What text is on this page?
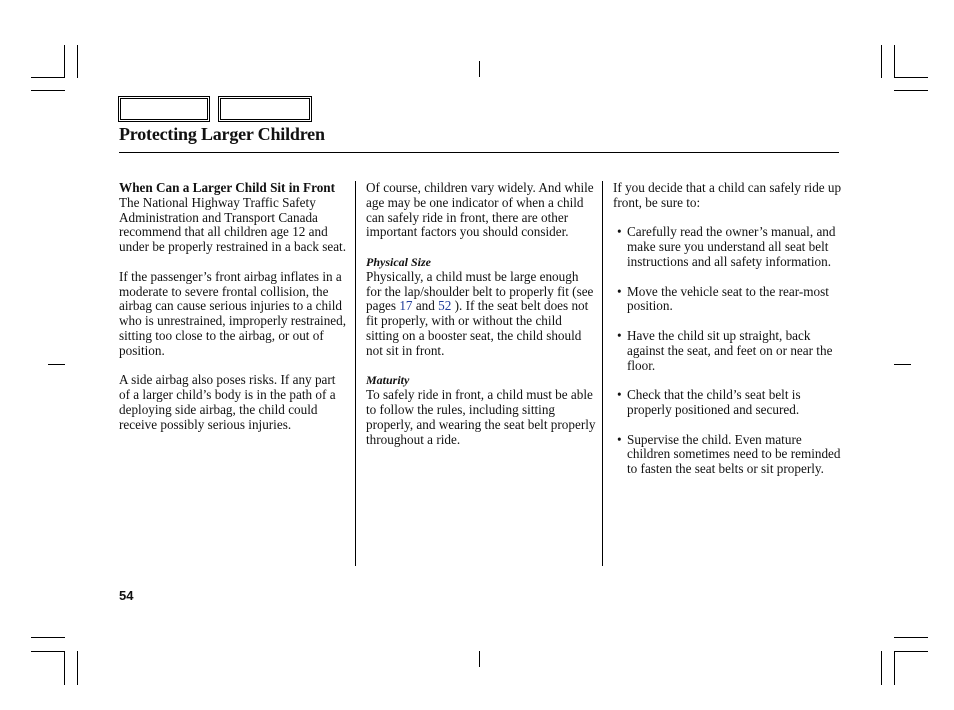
Protecting Larger Children

When Can a Larger Child Sit in Front

The National Highway Traffic Safety Administration and Transport Canada recommend that all children age 12 and under be properly restrained in a back seat.

If the passenger’s front airbag inflates in a moderate to severe frontal collision, the airbag can cause serious injuries to a child who is unrestrained, improperly restrained, sitting too close to the airbag, or out of position.

A side airbag also poses risks. If any part of a larger child’s body is in the path of a deploying side airbag, the child could receive possibly serious injuries.

Of course, children vary widely. And while age may be one indicator of when a child can safely ride in front, there are other important factors you should consider.

Physical Size

Physically, a child must be large enough for the lap/shoulder belt to properly fit (see pages 17 and 52 ). If the seat belt does not fit properly, with or without the child sitting on a booster seat, the child should not sit in front.

Maturity

To safely ride in front, a child must be able to follow the rules, including sitting properly, and wearing the seat belt properly throughout a ride.

If you decide that a child can safely ride up front, be sure to:

• Carefully read the owner’s manual, and make sure you understand all seat belt instructions and all safety information.

• Move the vehicle seat to the rear-most position.

• Have the child sit up straight, back against the seat, and feet on or near the floor.

• Check that the child’s seat belt is properly positioned and secured.

• Supervise the child. Even mature children sometimes need to be reminded to fasten the seat belts or sit properly.

54
